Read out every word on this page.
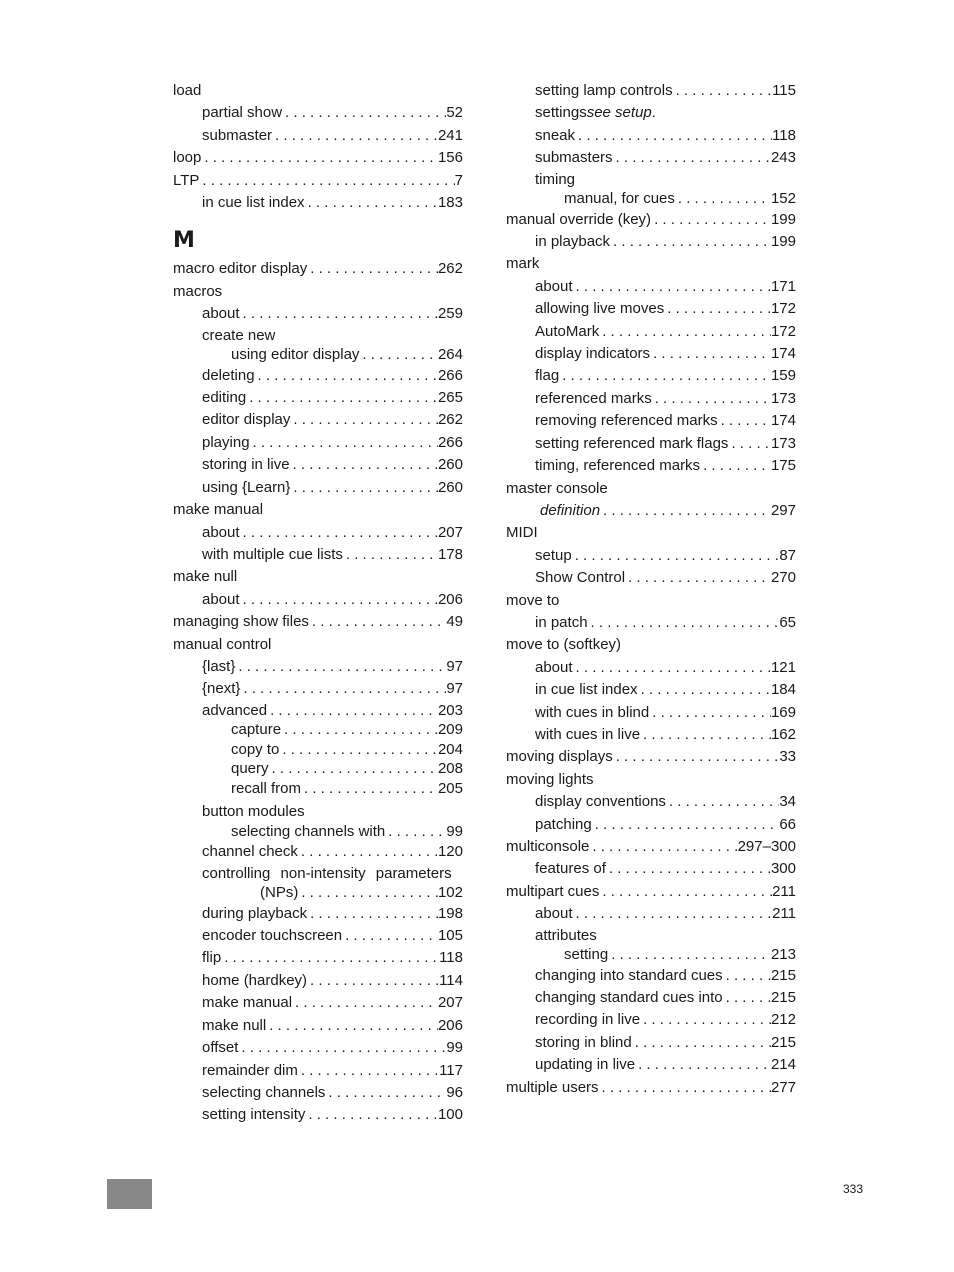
load
partial show . . .	52
submaster . . .	241
loop . . .	156
LTP . . .	7
in cue list index . . .	183
M
macro editor display . . .	262
macros
about . . .	259
create new
using editor display . . .	264
deleting . . .	266
editing . . .	265
editor display . . .	262
playing . . .	266
storing in live . . .	260
using {Learn} . . .	260
make manual
about . . .	207
with multiple cue lists . . .	178
make null
about . . .	206
managing show files . . .	49
manual control
{last} . . .	97
{next} . . .	97
advanced . . .	203
capture . . .	209
copy to . . .	204
query . . .	208
recall from . . .	205
button modules
selecting channels with . . .	99
channel check . . .	120
controlling non-intensity parameters
(NPs) . . .	102
during playback . . .	198
encoder touchscreen . . .	105
flip . . .	118
home (hardkey) . . .	114
make manual . . .	207
make null . . .	206
offset . . .	99
remainder dim . . .	117
selecting channels . . .	96
setting intensity . . .	100
setting lamp controls . . .	115
settings see setup .
sneak . . .	118
submasters . . .	243
timing
manual, for cues . . .	152
manual override (key) . . .	199
in playback . . .	199
mark
about . . .	171
allowing live moves . . .	172
AutoMark . . .	172
display indicators . . .	174
flag . . .	159
referenced marks . . .	173
removing referenced marks . . .	174
setting referenced mark flags . . .	173
timing, referenced marks . . .	175
master console
definition . . .	297
MIDI
setup . . .	87
Show Control . . .	270
move to
in patch . . .	65
move to (softkey)
about . . .	121
in cue list index . . .	184
with cues in blind . . .	169
with cues in live . . .	162
moving displays . . .	33
moving lights
display conventions . . .	34
patching . . .	66
multiconsole . . .	297–300
features of . . .	300
multipart cues . . .	211
about . . .	211
attributes
setting . . .	213
changing into standard cues . . .	215
changing standard cues into . . .	215
recording in live . . .	212
storing in blind . . .	215
updating in live . . .	214
multiple users . . .	277
333
